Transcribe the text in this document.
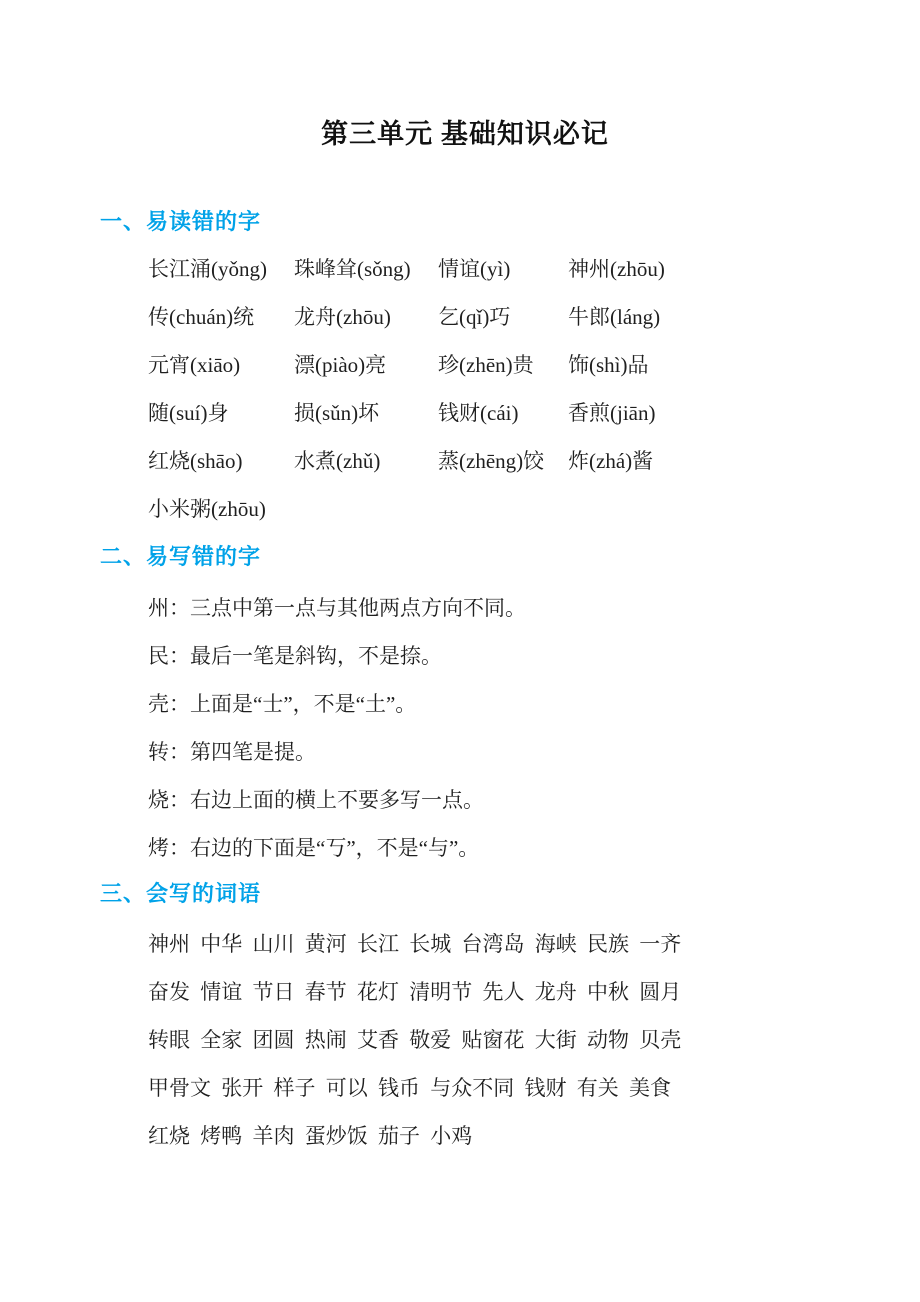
第三单元 基础知识必记
一、易读错的字
长江涌(yǒng)	珠峰耸(sǒng)	情谊(yì)	神州(zhōu)
传(chuán)统	龙舟(zhōu)	乞(qǐ)巧	牛郎(láng)
元宵(xiāo)	漂(piào)亮	珍(zhēn)贵	饰(shì)品
随(suí)身	损(sǔn)坏	钱财(cái)	香煎(jiān)
红烧(shāo)	水煮(zhǔ)	蒸(zhēng)饺	炸(zhá)酱
小米粥(zhōu)
二、易写错的字

州：三点中第一点与其他两点方向不同。

民：最后一笔是斜钩，不是捺。

壳：上面是“士”，不是“土”。

转：第四笔是提。

烧：右边上面的横上不要多写一点。

烤：右边的下面是“丂”，不是“与”。

三、会写的词语

神州 中华 山川 黄河 长江 长城 台湾岛 海峡 民族 一齐

奋发 情谊 节日 春节 花灯 清明节 先人 龙舟 中秋 圆月

转眼 全家 团圆 热闹 艾香 敬爱 贴窗花 大街 动物 贝壳

甲骨文 张开 样子 可以 钱币 与众不同 钱财 有关 美食

红烧 烤鸭 羊肉 蛋炒饭 茄子 小鸡
